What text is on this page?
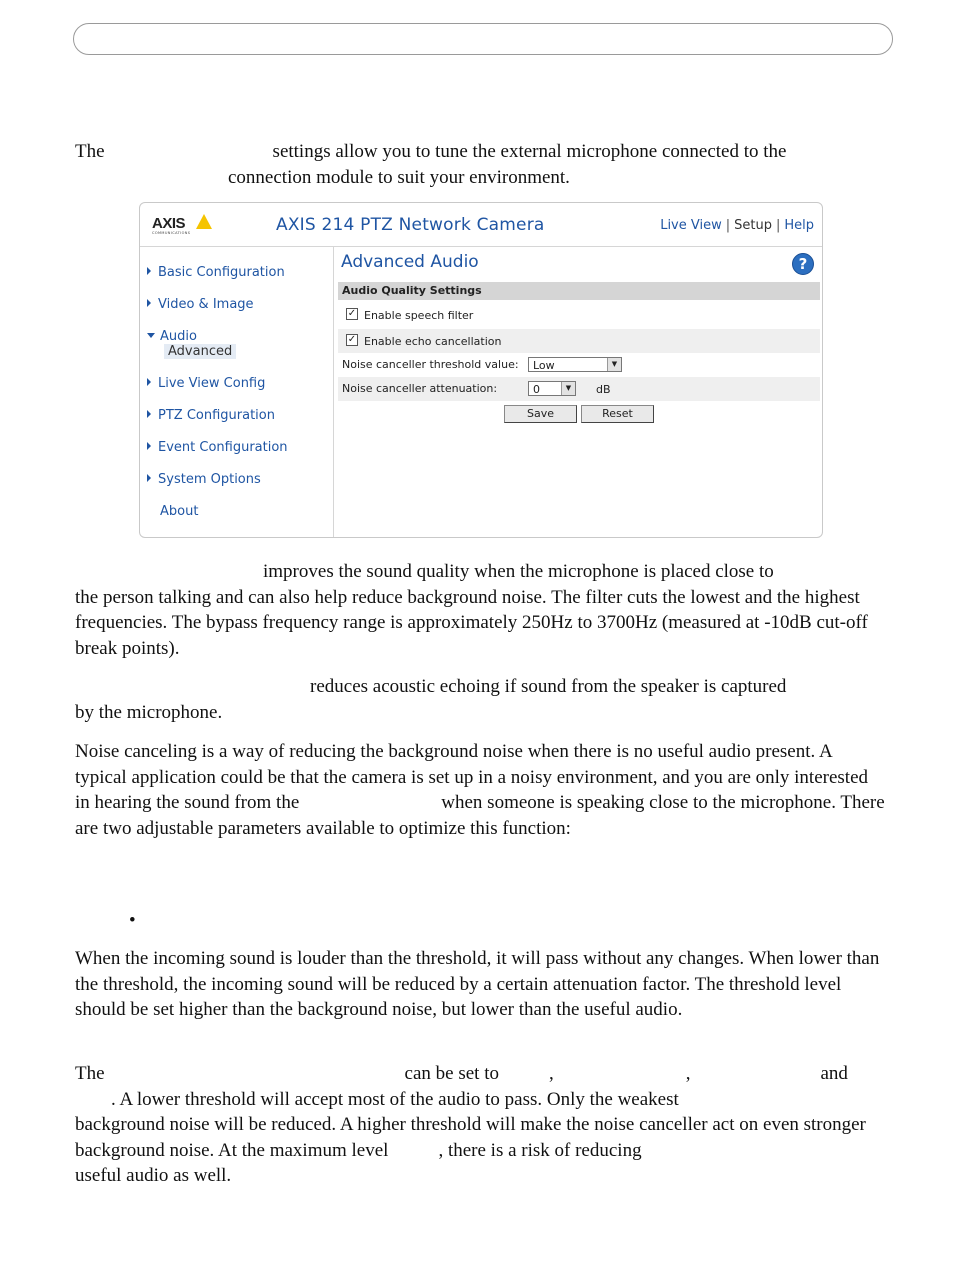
The	settings allow you to tune the external microphone connected to the
connection module to suit your environment.

AXIS
COMMUNICATIONS	AXIS 214 PTZ Network Camera	Live View | Setup | Help
Basic Configuration
Video & Image
Audio
Advanced
Live View Config
PTZ Configuration
Event Configuration
System Options
About
Advanced Audio	?
Audio Quality Settings
✓ Enable speech filter
✓ Enable echo cancellation
Noise canceller threshold value:	Low	▼
Noise canceller attenuation:	0	▼	dB
Save	Reset

improves the sound quality when the microphone is placed close to
the person talking and can also help reduce background noise. The filter cuts the lowest and the highest frequencies. The bypass frequency range is approximately 250Hz to 3700Hz (measured at -10dB cut-off break points).

reduces acoustic echoing if sound from the speaker is captured
by the microphone.

Noise canceling is a way of reducing the background noise when there is no useful audio present. A typical application could be that the camera is set up in a noisy environment, and you are only interested in hearing the sound from the	when someone is speaking close to the microphone. There are two adjustable parameters available to optimize this function:

•

When the incoming sound is louder than the threshold, it will pass without any changes. When lower than the threshold, the incoming sound will be reduced by a certain attenuation factor. The threshold level should be set higher than the background noise, but lower than the useful audio.

The	can be set to	,	,	and
. A lower threshold will accept most of the audio to pass. Only the weakest
background noise will be reduced. A higher threshold will make the noise canceller act on even stronger background noise. At the maximum level	, there is a risk of reducing
useful audio as well.
